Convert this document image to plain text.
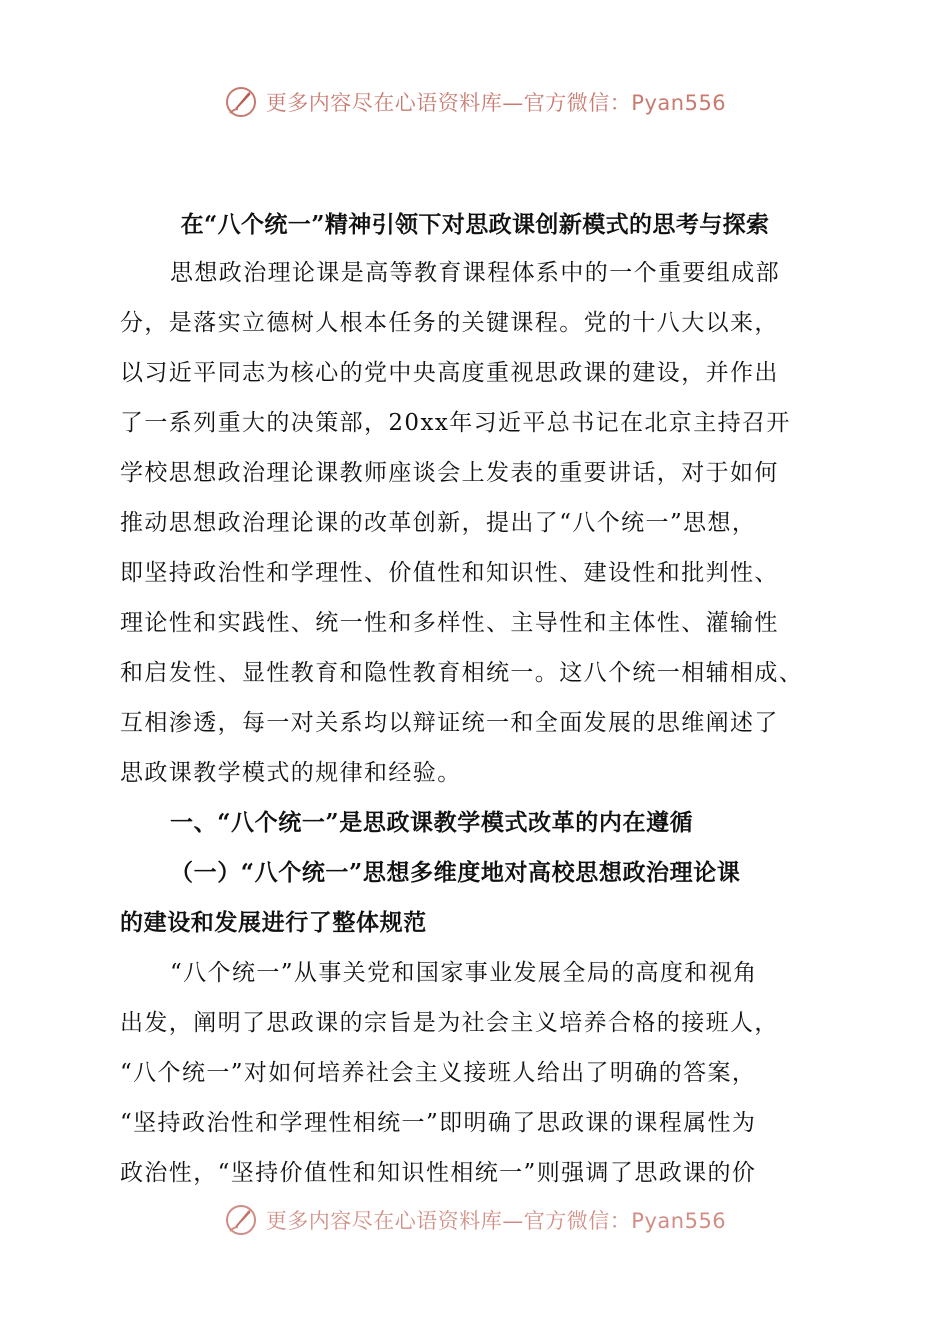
更多内容尽在心语资料库—官方微信：Pyan556
在“八个统一”精神引领下对思政课创新模式的思考与探索
思想政治理论课是高等教育课程体系中的一个重要组成部
分，是落实立德树人根本任务的关键课程。党的十八大以来，
以习近平同志为核心的党中央高度重视思政课的建设，并作出
了一系列重大的决策部，20xx年习近平总书记在北京主持召开
学校思想政治理论课教师座谈会上发表的重要讲话，对于如何
推动思想政治理论课的改革创新，提出了“八个统一”思想，
即坚持政治性和学理性、价值性和知识性、建设性和批判性、
理论性和实践性、统一性和多样性、主导性和主体性、灌输性
和启发性、显性教育和隐性教育相统一。这八个统一相辅相成、
互相渗透，每一对关系均以辩证统一和全面发展的思维阐述了
思政课教学模式的规律和经验。
一、“八个统一”是思政课教学模式改革的内在遵循
（一）“八个统一”思想多维度地对高校思想政治理论课
的建设和发展进行了整体规范
“八个统一”从事关党和国家事业发展全局的高度和视角
出发，阐明了思政课的宗旨是为社会主义培养合格的接班人，
“八个统一”对如何培养社会主义接班人给出了明确的答案，
“坚持政治性和学理性相统一”即明确了思政课的课程属性为
政治性，“坚持价值性和知识性相统一”则强调了思政课的价
更多内容尽在心语资料库—官方微信：Pyan556
